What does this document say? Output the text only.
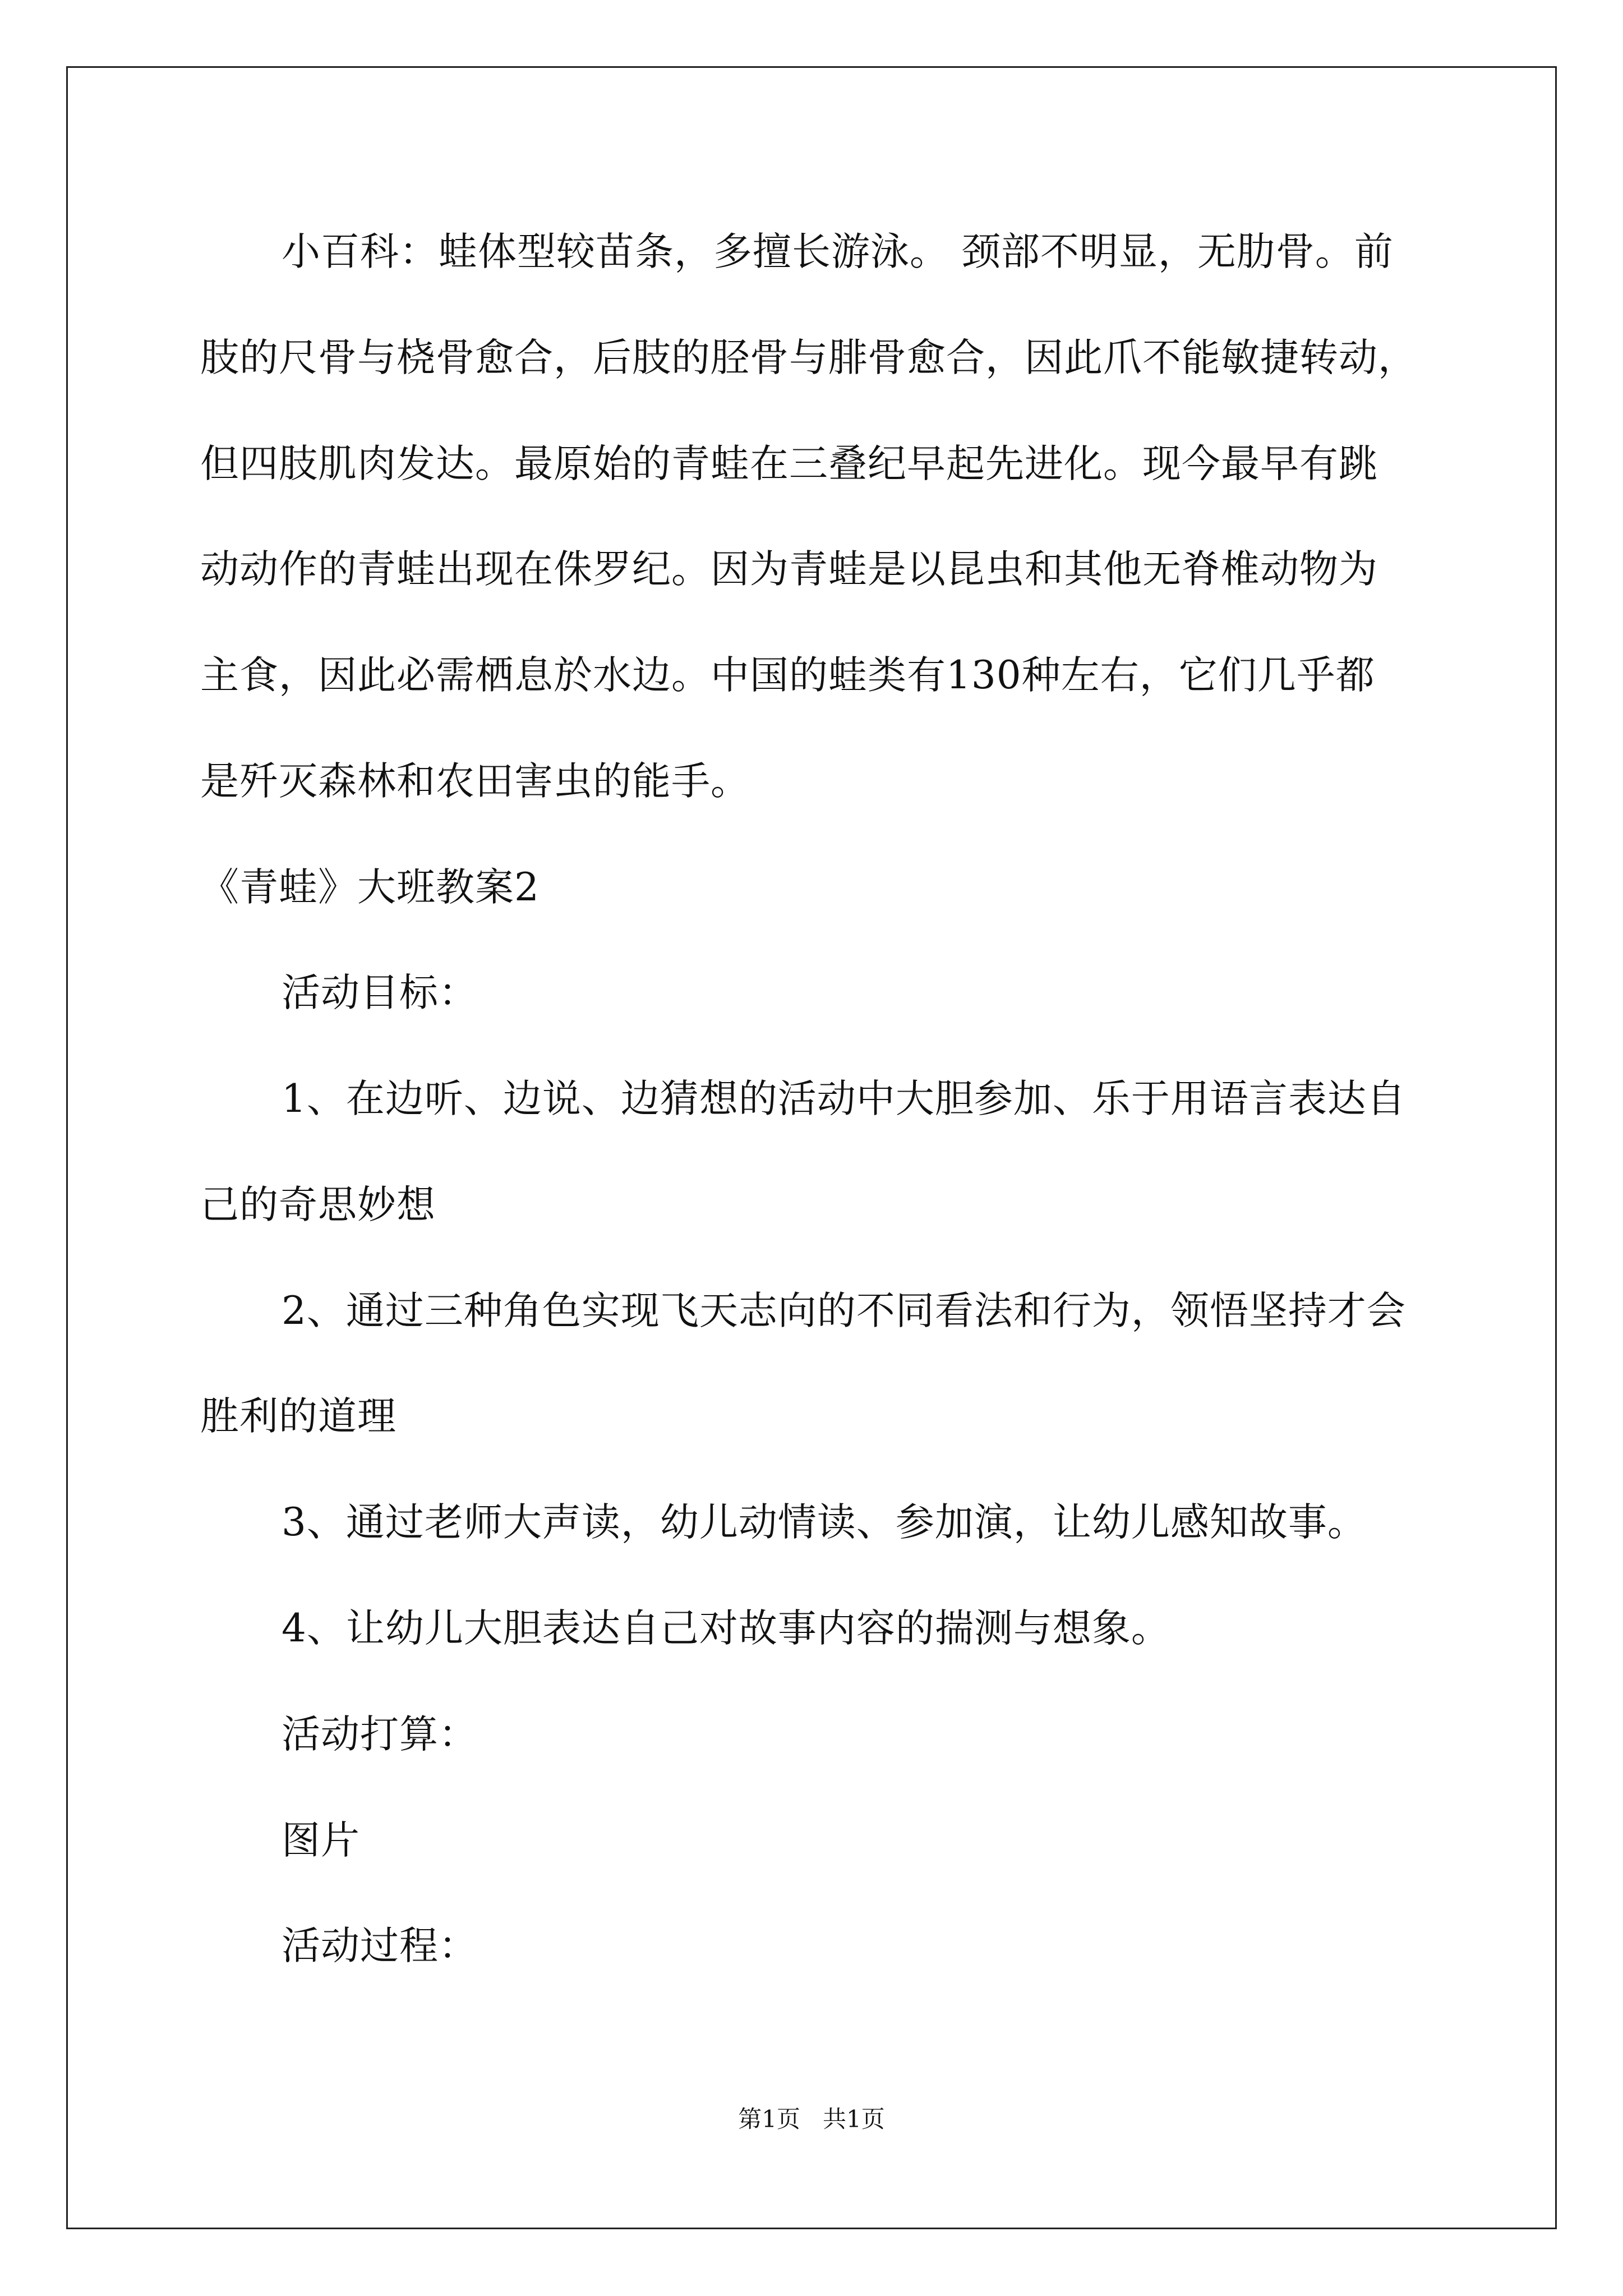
小百科：蛙体型较苗条，多擅长游泳。 颈部不明显，无肋骨。前
肢的尺骨与桡骨愈合，后肢的胫骨与腓骨愈合，因此爪不能敏捷转动，
但四肢肌肉发达。最原始的青蛙在三叠纪早起先进化。现今最早有跳
动动作的青蛙出现在侏罗纪。因为青蛙是以昆虫和其他无脊椎动物为
主食，因此必需栖息於水边。中国的蛙类有130种左右，它们几乎都
是歼灭森林和农田害虫的能手。
《青蛙》大班教案2
活动目标：
1、在边听、边说、边猜想的活动中大胆参加、乐于用语言表达自
己的奇思妙想
2、通过三种角色实现飞天志向的不同看法和行为，领悟坚持才会
胜利的道理
3、通过老师大声读，幼儿动情读、参加演，让幼儿感知故事。
4、让幼儿大胆表达自己对故事内容的揣测与想象。
活动打算：
图片
活动过程：
第1页   共1页
